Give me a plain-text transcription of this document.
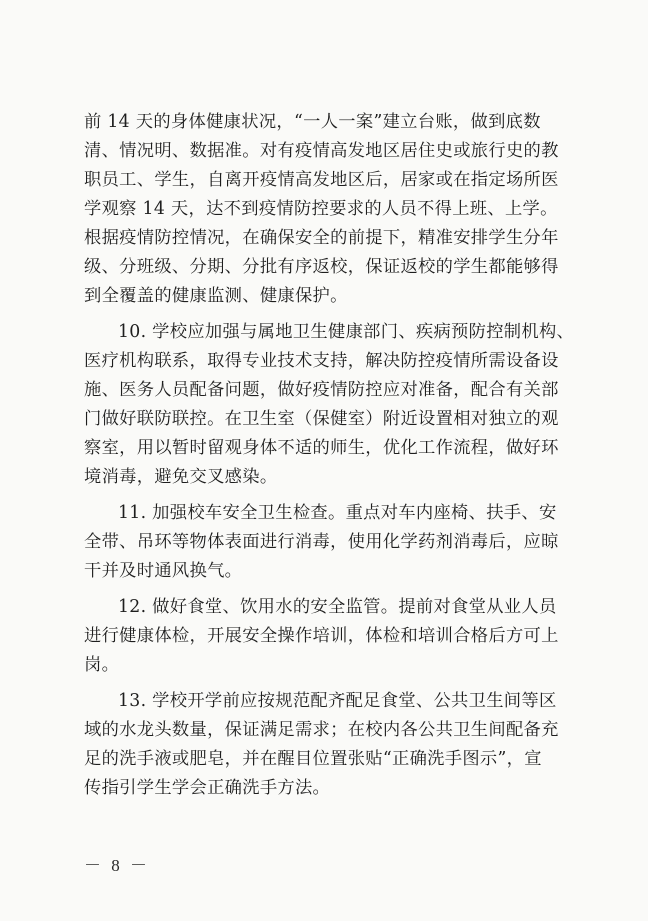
前 14 天的身体健康状况，“一人一案”建立台账，做到底数
清、情况明、数据准。对有疫情高发地区居住史或旅行史的教
职员工、学生，自离开疫情高发地区后，居家或在指定场所医
学观察 14 天，达不到疫情防控要求的人员不得上班、上学。
根据疫情防控情况，在确保安全的前提下，精准安排学生分年
级、分班级、分期、分批有序返校，保证返校的学生都能够得
到全覆盖的健康监测、健康保护。

10. 学校应加强与属地卫生健康部门、疾病预防控制机构、
医疗机构联系，取得专业技术支持，解决防控疫情所需设备设
施、医务人员配备问题，做好疫情防控应对准备，配合有关部
门做好联防联控。在卫生室（保健室）附近设置相对独立的观
察室，用以暂时留观身体不适的师生，优化工作流程，做好环
境消毒，避免交叉感染。

11. 加强校车安全卫生检查。重点对车内座椅、扶手、安
全带、吊环等物体表面进行消毒，使用化学药剂消毒后，应晾
干并及时通风换气。

12. 做好食堂、饮用水的安全监管。提前对食堂从业人员
进行健康体检，开展安全操作培训，体检和培训合格后方可上
岗。

13. 学校开学前应按规范配齐配足食堂、公共卫生间等区
域的水龙头数量，保证满足需求；在校内各公共卫生间配备充
足的洗手液或肥皂，并在醒目位置张贴“正确洗手图示”，宣
传指引学生学会正确洗手方法。

－ 8 －
